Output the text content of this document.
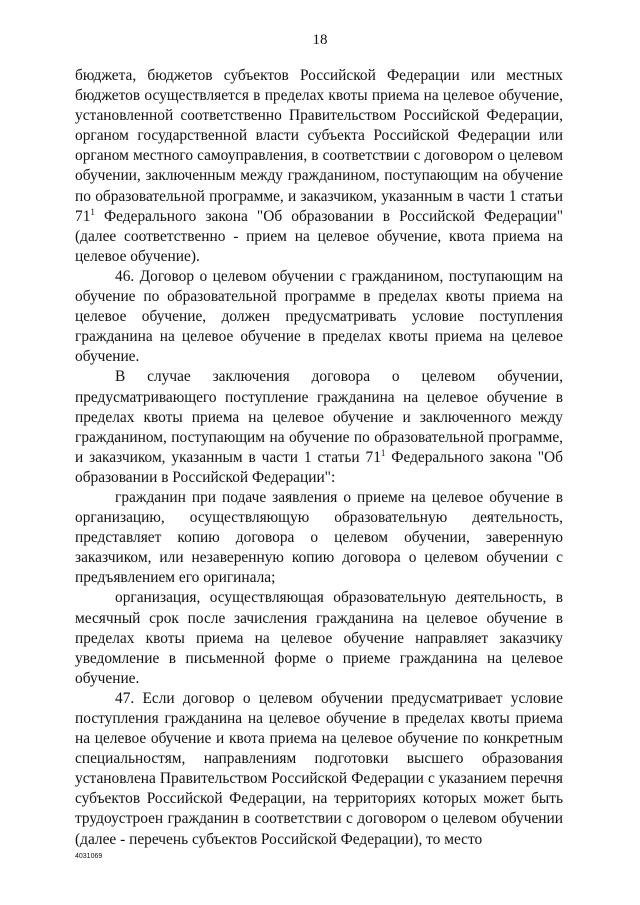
18

бюджета, бюджетов субъектов Российской Федерации или местных бюджетов осуществляется в пределах квоты приема на целевое обучение, установленной соответственно Правительством Российской Федерации, органом государственной власти субъекта Российской Федерации или органом местного самоуправления, в соответствии с договором о целевом обучении, заключенным между гражданином, поступающим на обучение по образовательной программе, и заказчиком, указанным в части 1 статьи $71^1$ Федерального закона "Об образовании в Российской Федерации" (далее соответственно - прием на целевое обучение, квота приема на целевое обучение).

46. Договор о целевом обучении с гражданином, поступающим на обучение по образовательной программе в пределах квоты приема на целевое обучение, должен предусматривать условие поступления гражданина на целевое обучение в пределах квоты приема на целевое обучение.

В случае заключения договора о целевом обучении, предусматривающего поступление гражданина на целевое обучение в пределах квоты приема на целевое обучение и заключенного между гражданином, поступающим на обучение по образовательной программе, и заказчиком, указанным в части 1 статьи $71^1$ Федерального закона "Об образовании в Российской Федерации":

гражданин при подаче заявления о приеме на целевое обучение в организацию, осуществляющую образовательную деятельность, представляет копию договора о целевом обучении, заверенную заказчиком, или незаверенную копию договора о целевом обучении с предъявлением его оригинала;

организация, осуществляющая образовательную деятельность, в месячный срок после зачисления гражданина на целевое обучение в пределах квоты приема на целевое обучение направляет заказчику уведомление в письменной форме о приеме гражданина на целевое обучение.

47. Если договор о целевом обучении предусматривает условие поступления гражданина на целевое обучение в пределах квоты приема на целевое обучение и квота приема на целевое обучение по конкретным специальностям, направлениям подготовки высшего образования установлена Правительством Российской Федерации с указанием перечня субъектов Российской Федерации, на территориях которых может быть трудоустроен гражданин в соответствии с договором о целевом обучении (далее - перечень субъектов Российской Федерации), то место

4031069
